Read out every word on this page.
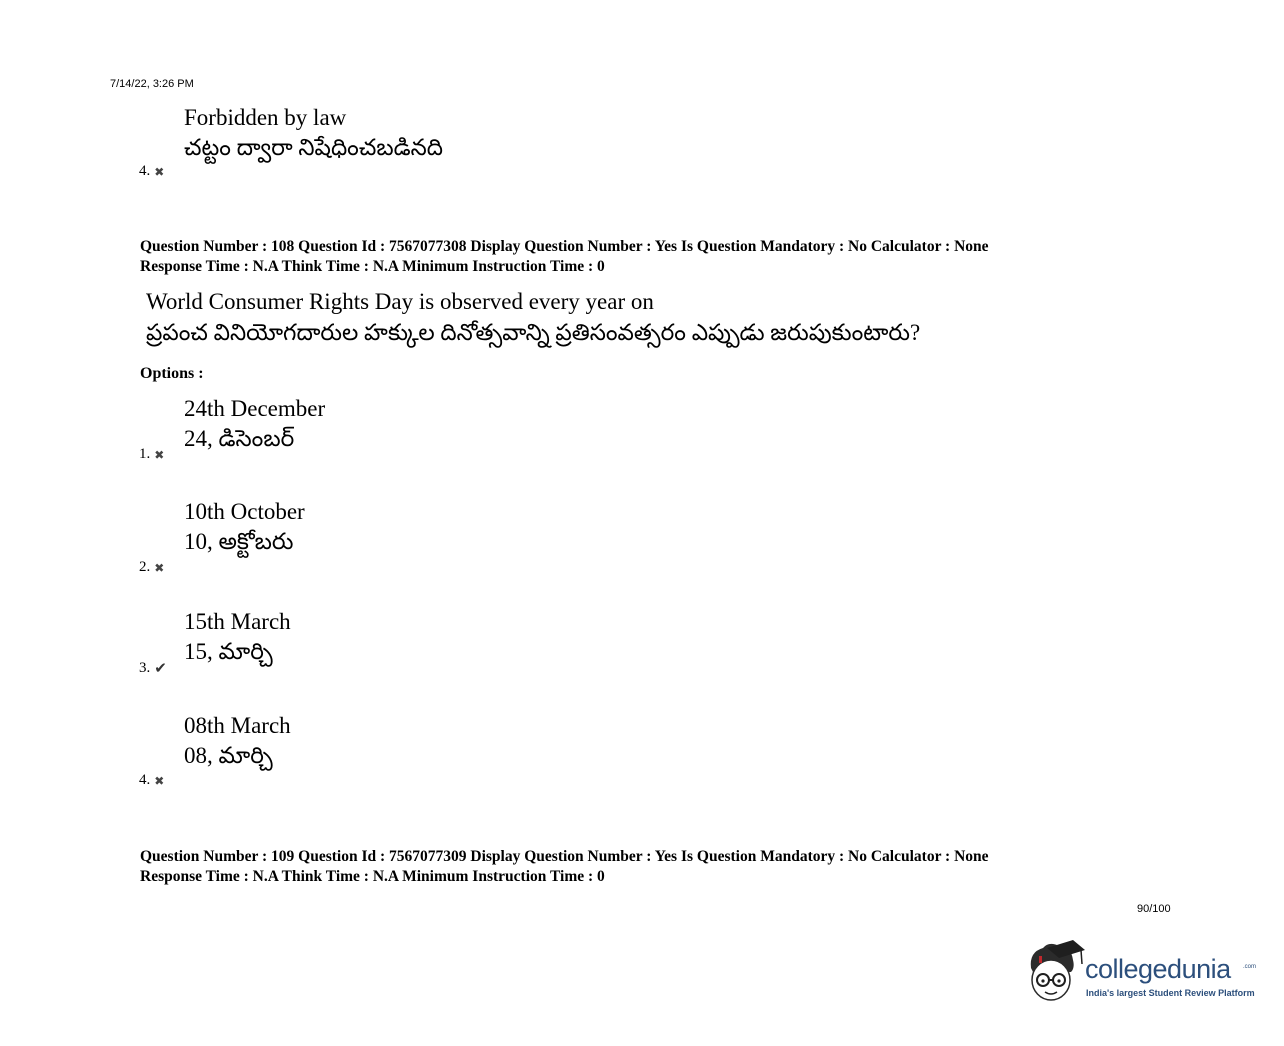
7/14/22, 3:26 PM
Forbidden by law
చట్టం ద్వారా నిషేధించబడినది
4. ✖
Question Number : 108 Question Id : 7567077308 Display Question Number : Yes Is Question Mandatory : No Calculator : None
Response Time : N.A Think Time : N.A Minimum Instruction Time : 0
World Consumer Rights Day is observed every year on
ప్రపంచ వినియోగదారుల హక్కుల దినోత్సవాన్ని ప్రతిసంవత్సరం ఎప్పుడు జరుపుకుంటారు?
Options :
24th December
24, డిసెంబర్
1. ✖
10th October
10, అక్టోబరు
2. ✖
15th March
15, మార్చి
3. ✔
08th March
08, మార్చి
4. ✖
Question Number : 109 Question Id : 7567077309 Display Question Number : Yes Is Question Mandatory : No Calculator : None
Response Time : N.A Think Time : N.A Minimum Instruction Time : 0
90/100
collegedunia .com
India's largest Student Review Platform
